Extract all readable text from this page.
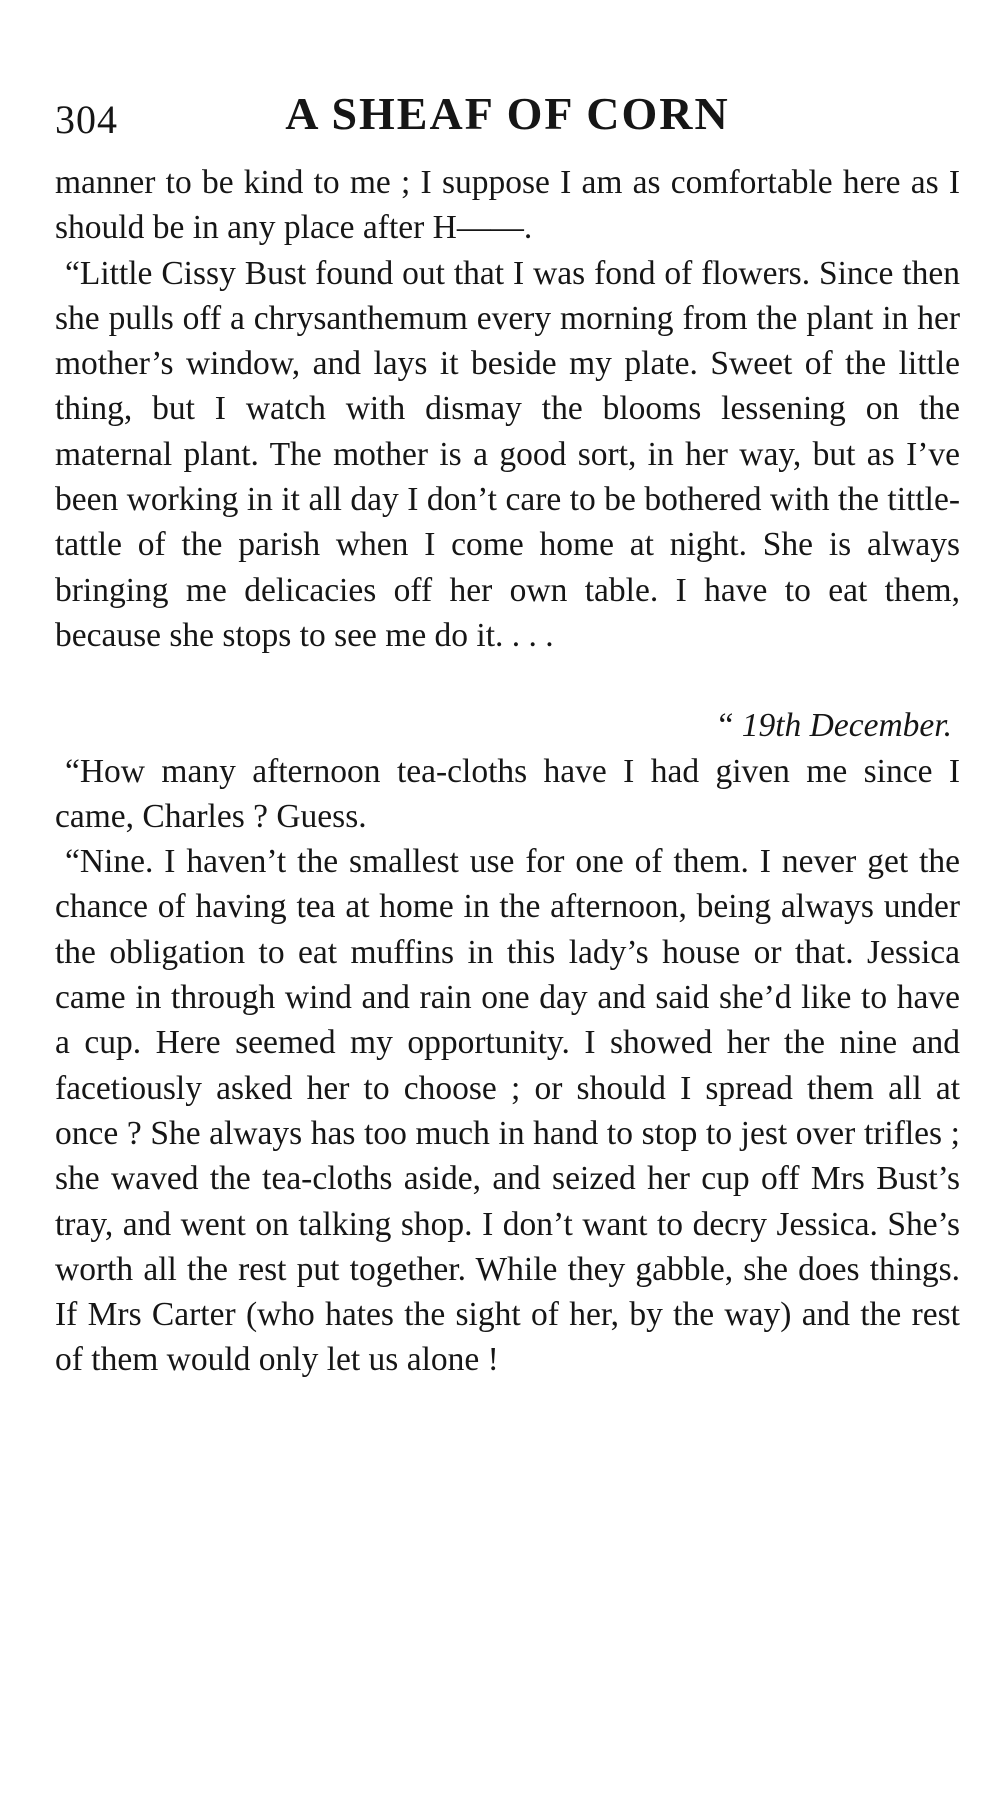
304	A SHEAF OF CORN

manner to be kind to me ; I suppose I am as comfortable here as I should be in any place after H——.

“Little Cissy Bust found out that I was fond of flowers. Since then she pulls off a chrysanthemum every morning from the plant in her mother’s window, and lays it beside my plate. Sweet of the little thing, but I watch with dismay the blooms lessening on the maternal plant. The mother is a good sort, in her way, but as I’ve been working in it all day I don’t care to be bothered with the tittle-tattle of the parish when I come home at night. She is always bringing me delicacies off her own table. I have to eat them, because she stops to see me do it. . . .

“ 19th December.

“How many afternoon tea-cloths have I had given me since I came, Charles ? Guess.

“Nine. I haven’t the smallest use for one of them. I never get the chance of having tea at home in the afternoon, being always under the obligation to eat muffins in this lady’s house or that. Jessica came in through wind and rain one day and said she’d like to have a cup. Here seemed my opportunity. I showed her the nine and facetiously asked her to choose ; or should I spread them all at once ? She always has too much in hand to stop to jest over trifles ; she waved the tea-cloths aside, and seized her cup off Mrs Bust’s tray, and went on talking shop. I don’t want to decry Jessica. She’s worth all the rest put together. While they gabble, she does things. If Mrs Carter (who hates the sight of her, by the way) and the rest of them would only let us alone !
